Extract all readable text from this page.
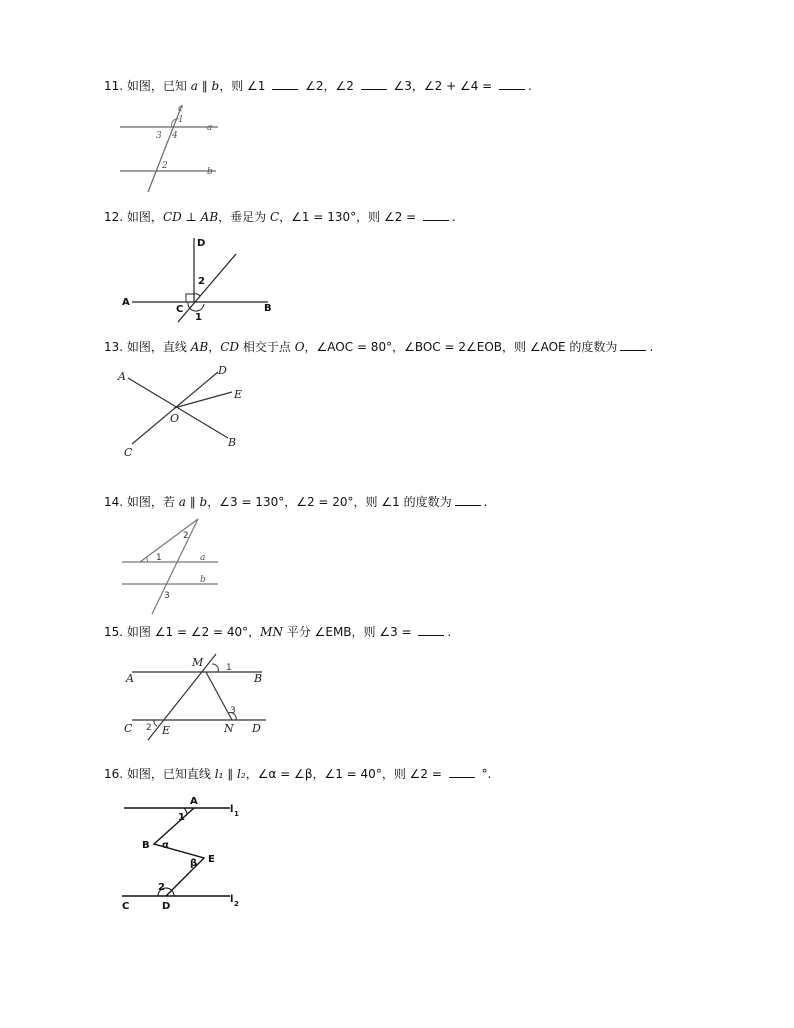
11. 如图，已知 a ∥ b，则 ∠1	∠2，∠2	∠3，∠2 + ∠4 =	.
c
1
a
3 4
2
b
12. 如图，CD ⊥ AB，垂足为 C，∠1 = 130°，则 ∠2 =	.
D
2
A
B
C
1
13. 如图，直线 AB，CD 相交于点 O，∠AOC = 80°，∠BOC = 2∠EOB，则 ∠AOE 的度数为	.
A	D
E
O
B
C
14. 如图，若 a ∥ b，∠3 = 130°，∠2 = 20°，则 ∠1 的度数为	.
1
2
a
b
3
15. 如图 ∠1 = ∠2 = 40°，MN 平分 ∠EMB，则 ∠3 =	.
M	1
A	B
3
C 2 E	N D
16. 如图，已知直线 l₁ ∥ l₂，∠α = ∠β，∠1 = 40°，则 ∠2 =	°.
A
l 1
1
B α
β E
2
l 2
C	D
